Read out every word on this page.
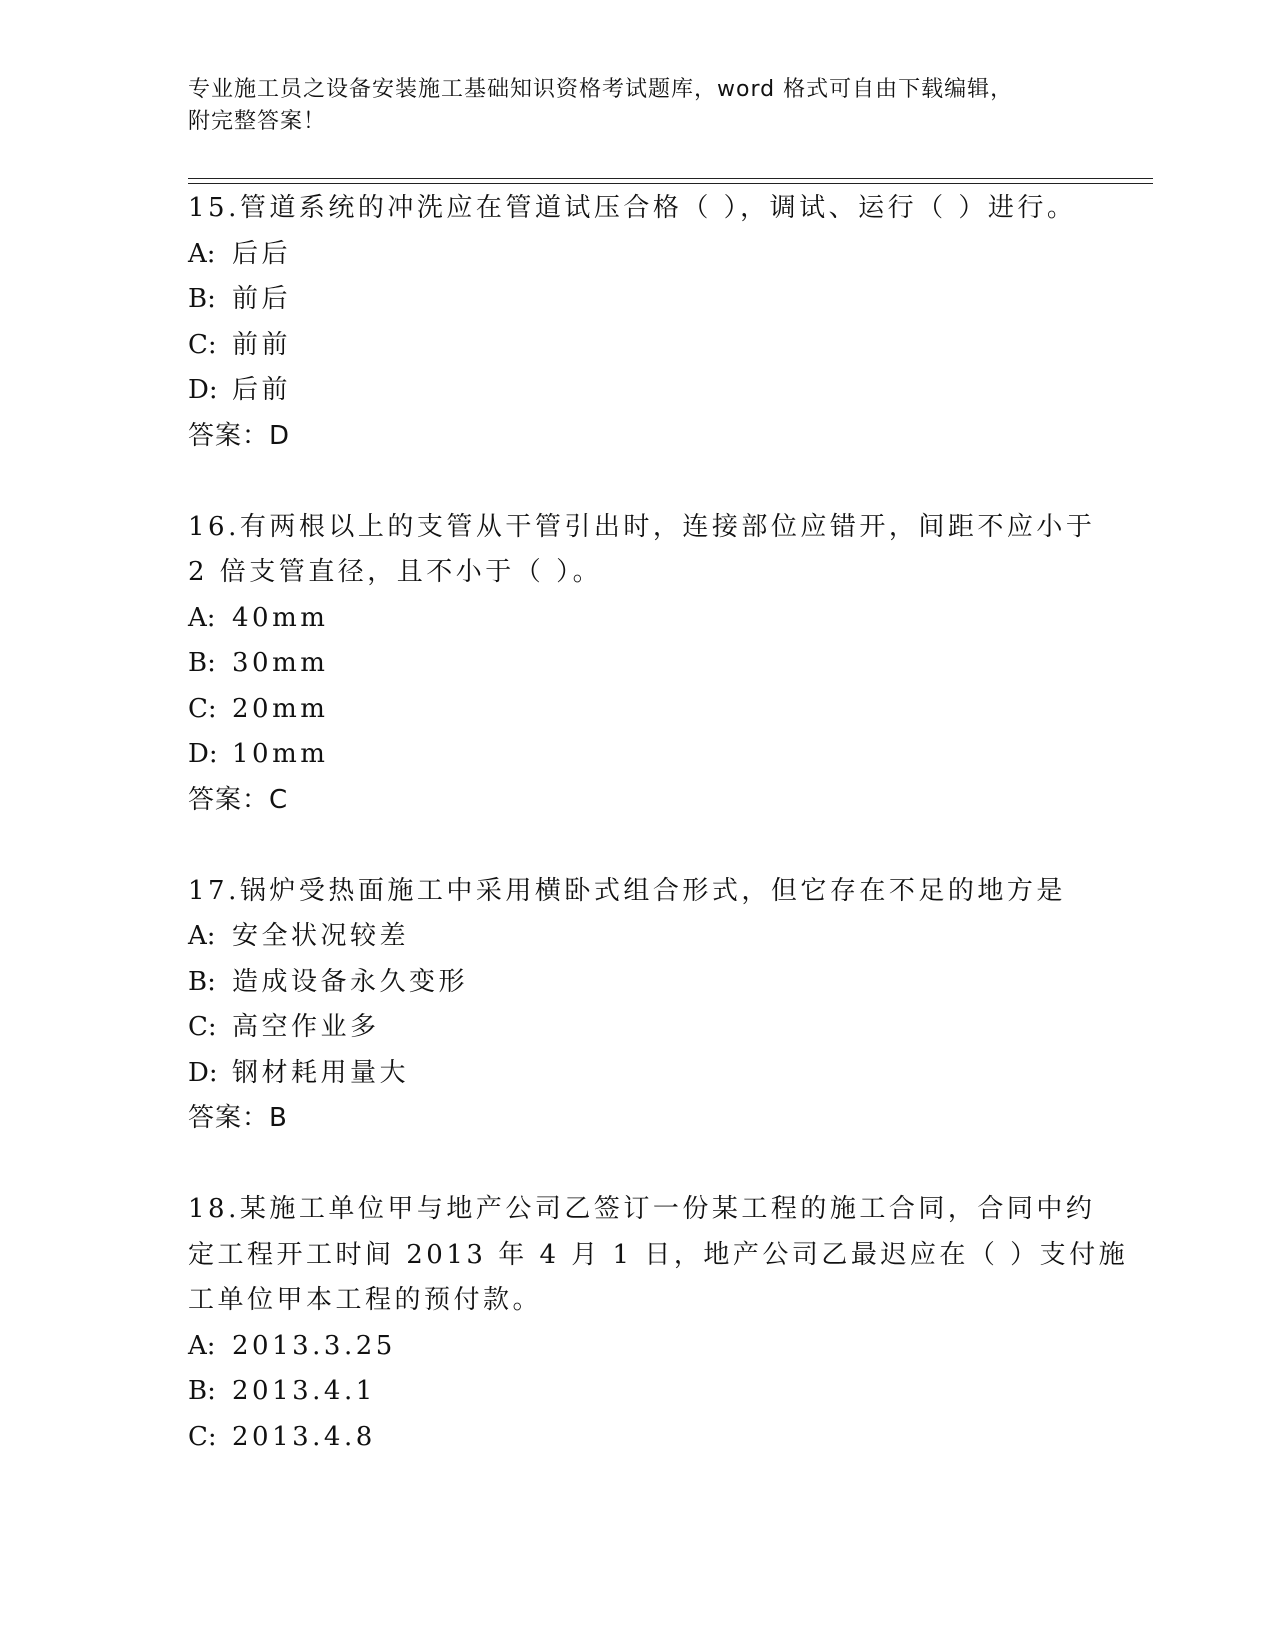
专业施工员之设备安装施工基础知识资格考试题库，word 格式可自由下载编辑，
附完整答案！
15.管道系统的冲洗应在管道试压合格（ ），调试、运行（ ）进行。
A: 后后
B: 前后
C: 前前
D: 后前
答案：D
16.有两根以上的支管从干管引出时，连接部位应错开，间距不应小于
2 倍支管直径，且不小于（ ）。
A: 40mm
B: 30mm
C: 20mm
D: 10mm
答案：C
17.锅炉受热面施工中采用横卧式组合形式，但它存在不足的地方是
A: 安全状况较差
B: 造成设备永久变形
C: 高空作业多
D: 钢材耗用量大
答案：B
18.某施工单位甲与地产公司乙签订一份某工程的施工合同，合同中约
定工程开工时间 2013 年 4 月 1 日，地产公司乙最迟应在（ ）支付施
工单位甲本工程的预付款。
A: 2013.3.25
B: 2013.4.1
C: 2013.4.8
